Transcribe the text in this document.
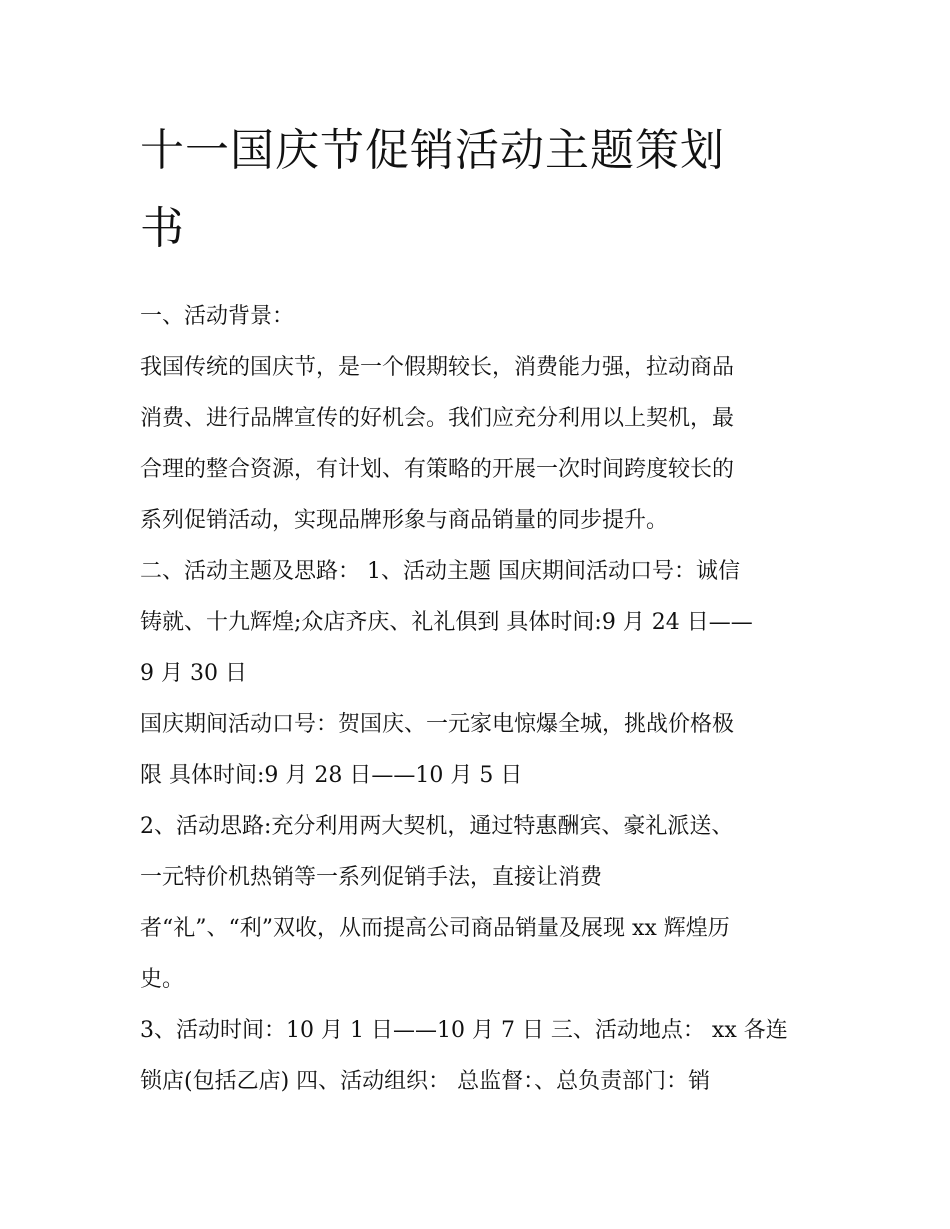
十一国庆节促销活动主题策划
书
一、活动背景：
我国传统的国庆节，是一个假期较长，消费能力强，拉动商品
消费、进行品牌宣传的好机会。我们应充分利用以上契机，最
合理的整合资源，有计划、有策略的开展一次时间跨度较长的
系列促销活动，实现品牌形象与商品销量的同步提升。
二、活动主题及思路： 1、活动主题 国庆期间活动口号：诚信
铸就、十九辉煌;众店齐庆、礼礼俱到 具体时间:9 月 24 日——
9 月 30 日
国庆期间活动口号：贺国庆、一元家电惊爆全城，挑战价格极
限 具体时间:9 月 28 日——10 月 5 日
2、活动思路:充分利用两大契机，通过特惠酬宾、豪礼派送、
一元特价机热销等一系列促销手法，直接让消费
者“礼”、“利”双收，从而提高公司商品销量及展现 xx 辉煌历
史。
3、活动时间：10 月 1 日——10 月 7 日 三、活动地点： xx 各连
锁店(包括乙店) 四、活动组织： 总监督：、总负责部门：销
